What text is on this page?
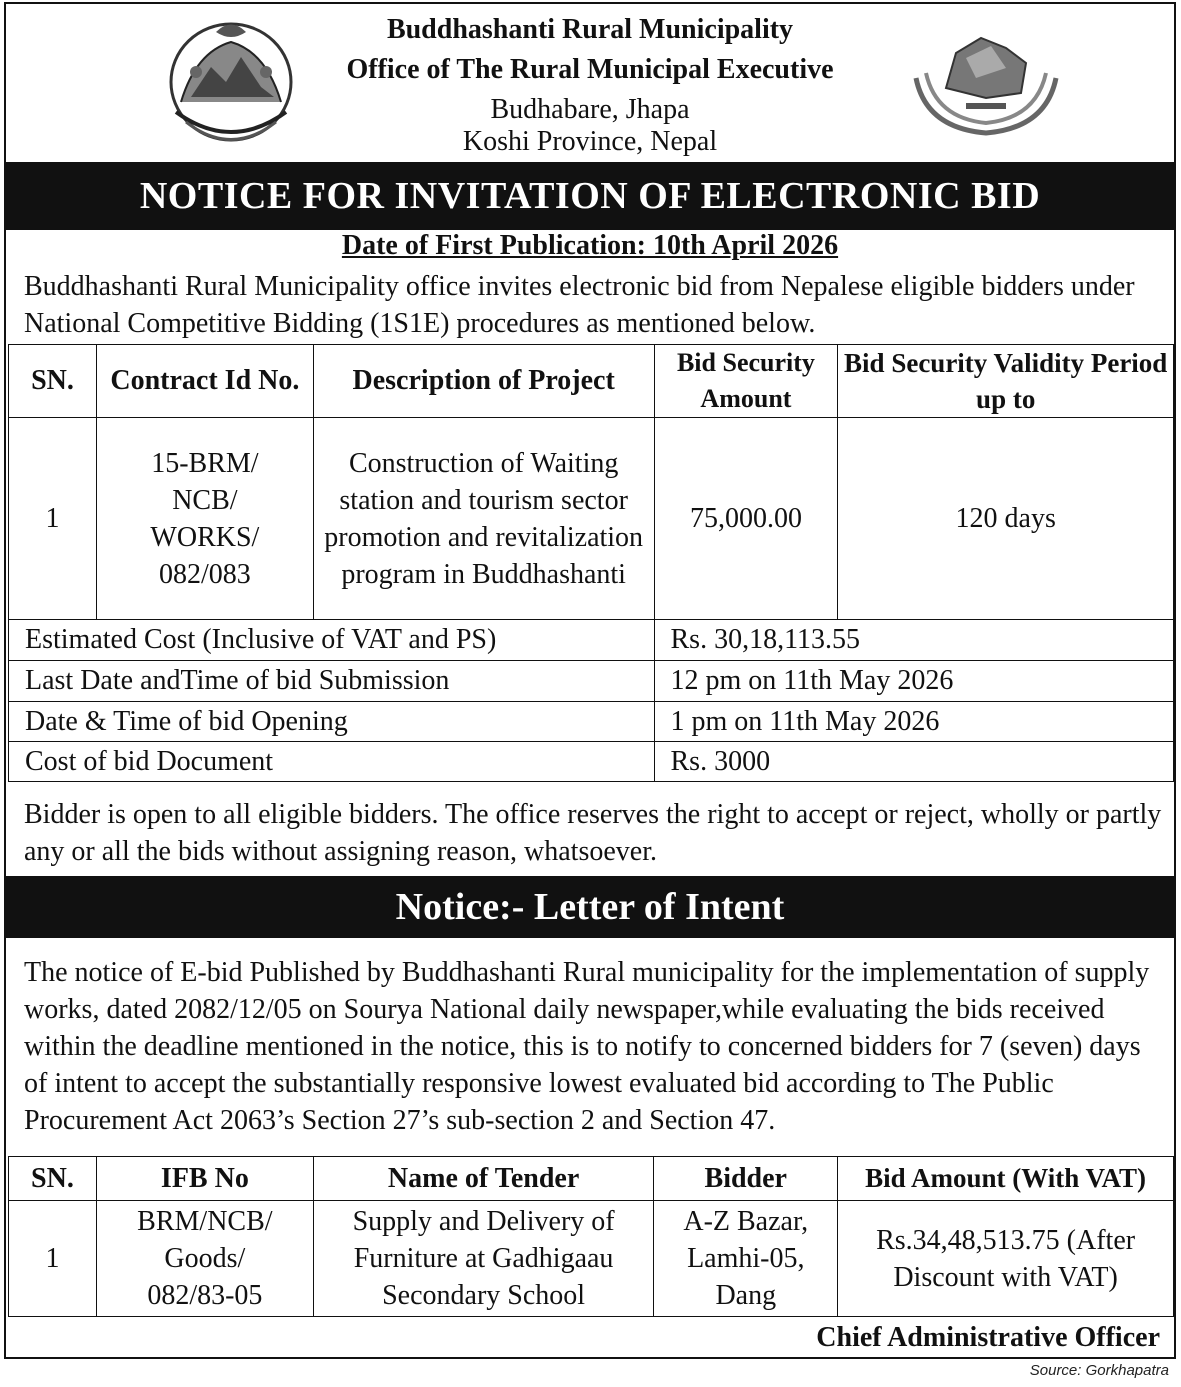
Buddhashanti Rural Municipality
Office of The Rural Municipal Executive
Budhabare, Jhapa
Koshi Province, Nepal
NOTICE FOR INVITATION OF ELECTRONIC BID
Date of First Publication: 10th April 2026
Buddhashanti Rural Municipality office invites electronic bid from Nepalese eligible bidders under National Competitive Bidding (1S1E) procedures as mentioned below.
SN.	Contract Id No.	Description of Project	Bid Security Amount	Bid Security Validity Period up to
1	15-BRM/ NCB/ WORKS/ 082/083	Construction of Waiting station and tourism sector promotion and revitalization program in Buddhashanti	75,000.00	120 days
Estimated Cost (Inclusive of VAT and PS)			Rs. 30,18,113.55	
Last Date andTime of bid Submission			12 pm on 11th May 2026	
Date & Time of bid Opening			1 pm on 11th May 2026	
Cost of bid Document			Rs. 3000	
Bidder is open to all eligible bidders. The office reserves the right to accept or reject, wholly or partly any or all the bids without assigning reason, whatsoever.
Notice:- Letter of Intent
The notice of E-bid Published by Buddhashanti Rural municipality for the implementation of supply works, dated 2082/12/05 on Sourya National daily newspaper,while evaluating the bids received within the deadline mentioned in the notice, this is to notify to concerned bidders for 7 (seven) days of intent to accept the substantially responsive lowest evaluated bid according to The Public Procurement Act 2063’s Section 27’s sub-section 2 and Section 47.
SN.	IFB No	Name of Tender	Bidder	Bid Amount (With VAT)
1	BRM/NCB/ Goods/ 082/83-05	Supply and Delivery of Furniture at Gadhigaau Secondary School	A-Z Bazar, Lamhi-05, Dang	Rs.34,48,513.75 (After Discount with VAT)
Chief Administrative Officer
Source: Gorkhapatra
